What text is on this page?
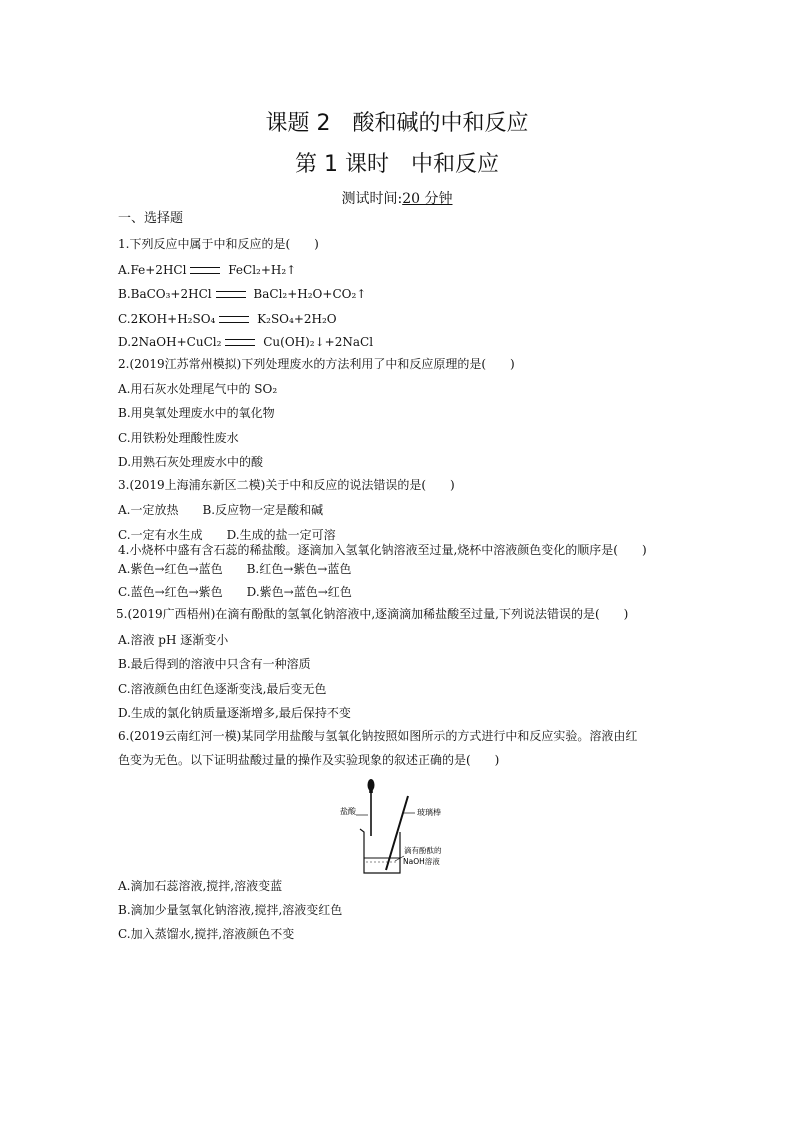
课题 2　酸和碱的中和反应
第 1 课时　中和反应
测试时间:20 分钟
一、选择题
1.下列反应中属于中和反应的是(　　)
A.Fe+2HCl	FeCl₂+H₂↑
B.BaCO₃+2HCl	BaCl₂+H₂O+CO₂↑
C.2KOH+H₂SO₄	K₂SO₄+2H₂O
D.2NaOH+CuCl₂	Cu(OH)₂↓+2NaCl
2.(2019江苏常州模拟)下列处理废水的方法利用了中和反应原理的是(　　)
A.用石灰水处理尾气中的 SO₂
B.用臭氧处理废水中的氧化物
C.用铁粉处理酸性废水
D.用熟石灰处理废水中的酸
3.(2019上海浦东新区二模)关于中和反应的说法错误的是(　　)
A.一定放热　　B.反应物一定是酸和碱
C.一定有水生成　　D.生成的盐一定可溶
4.小烧杯中盛有含石蕊的稀盐酸。逐滴加入氢氧化钠溶液至过量,烧杯中溶液颜色变化的顺序是(　　)
A.紫色→红色→蓝色　　B.红色→紫色→蓝色
C.蓝色→红色→紫色　　D.紫色→蓝色→红色
5.(2019广西梧州)在滴有酚酞的氢氧化钠溶液中,逐滴滴加稀盐酸至过量,下列说法错误的是(　　)
A.溶液 pH 逐渐变小
B.最后得到的溶液中只含有一种溶质
C.溶液颜色由红色逐渐变浅,最后变无色
D.生成的氯化钠质量逐渐增多,最后保持不变
6.(2019云南红河一模)某同学用盐酸与氢氧化钠按照如图所示的方式进行中和反应实验。溶液由红
色变为无色。以下证明盐酸过量的操作及实验现象的叙述正确的是(　　)
盐酸	玻璃棒
滴有酚酞的
NaOH溶液
A.滴加石蕊溶液,搅拌,溶液变蓝
B.滴加少量氢氧化钠溶液,搅拌,溶液变红色
C.加入蒸馏水,搅拌,溶液颜色不变
